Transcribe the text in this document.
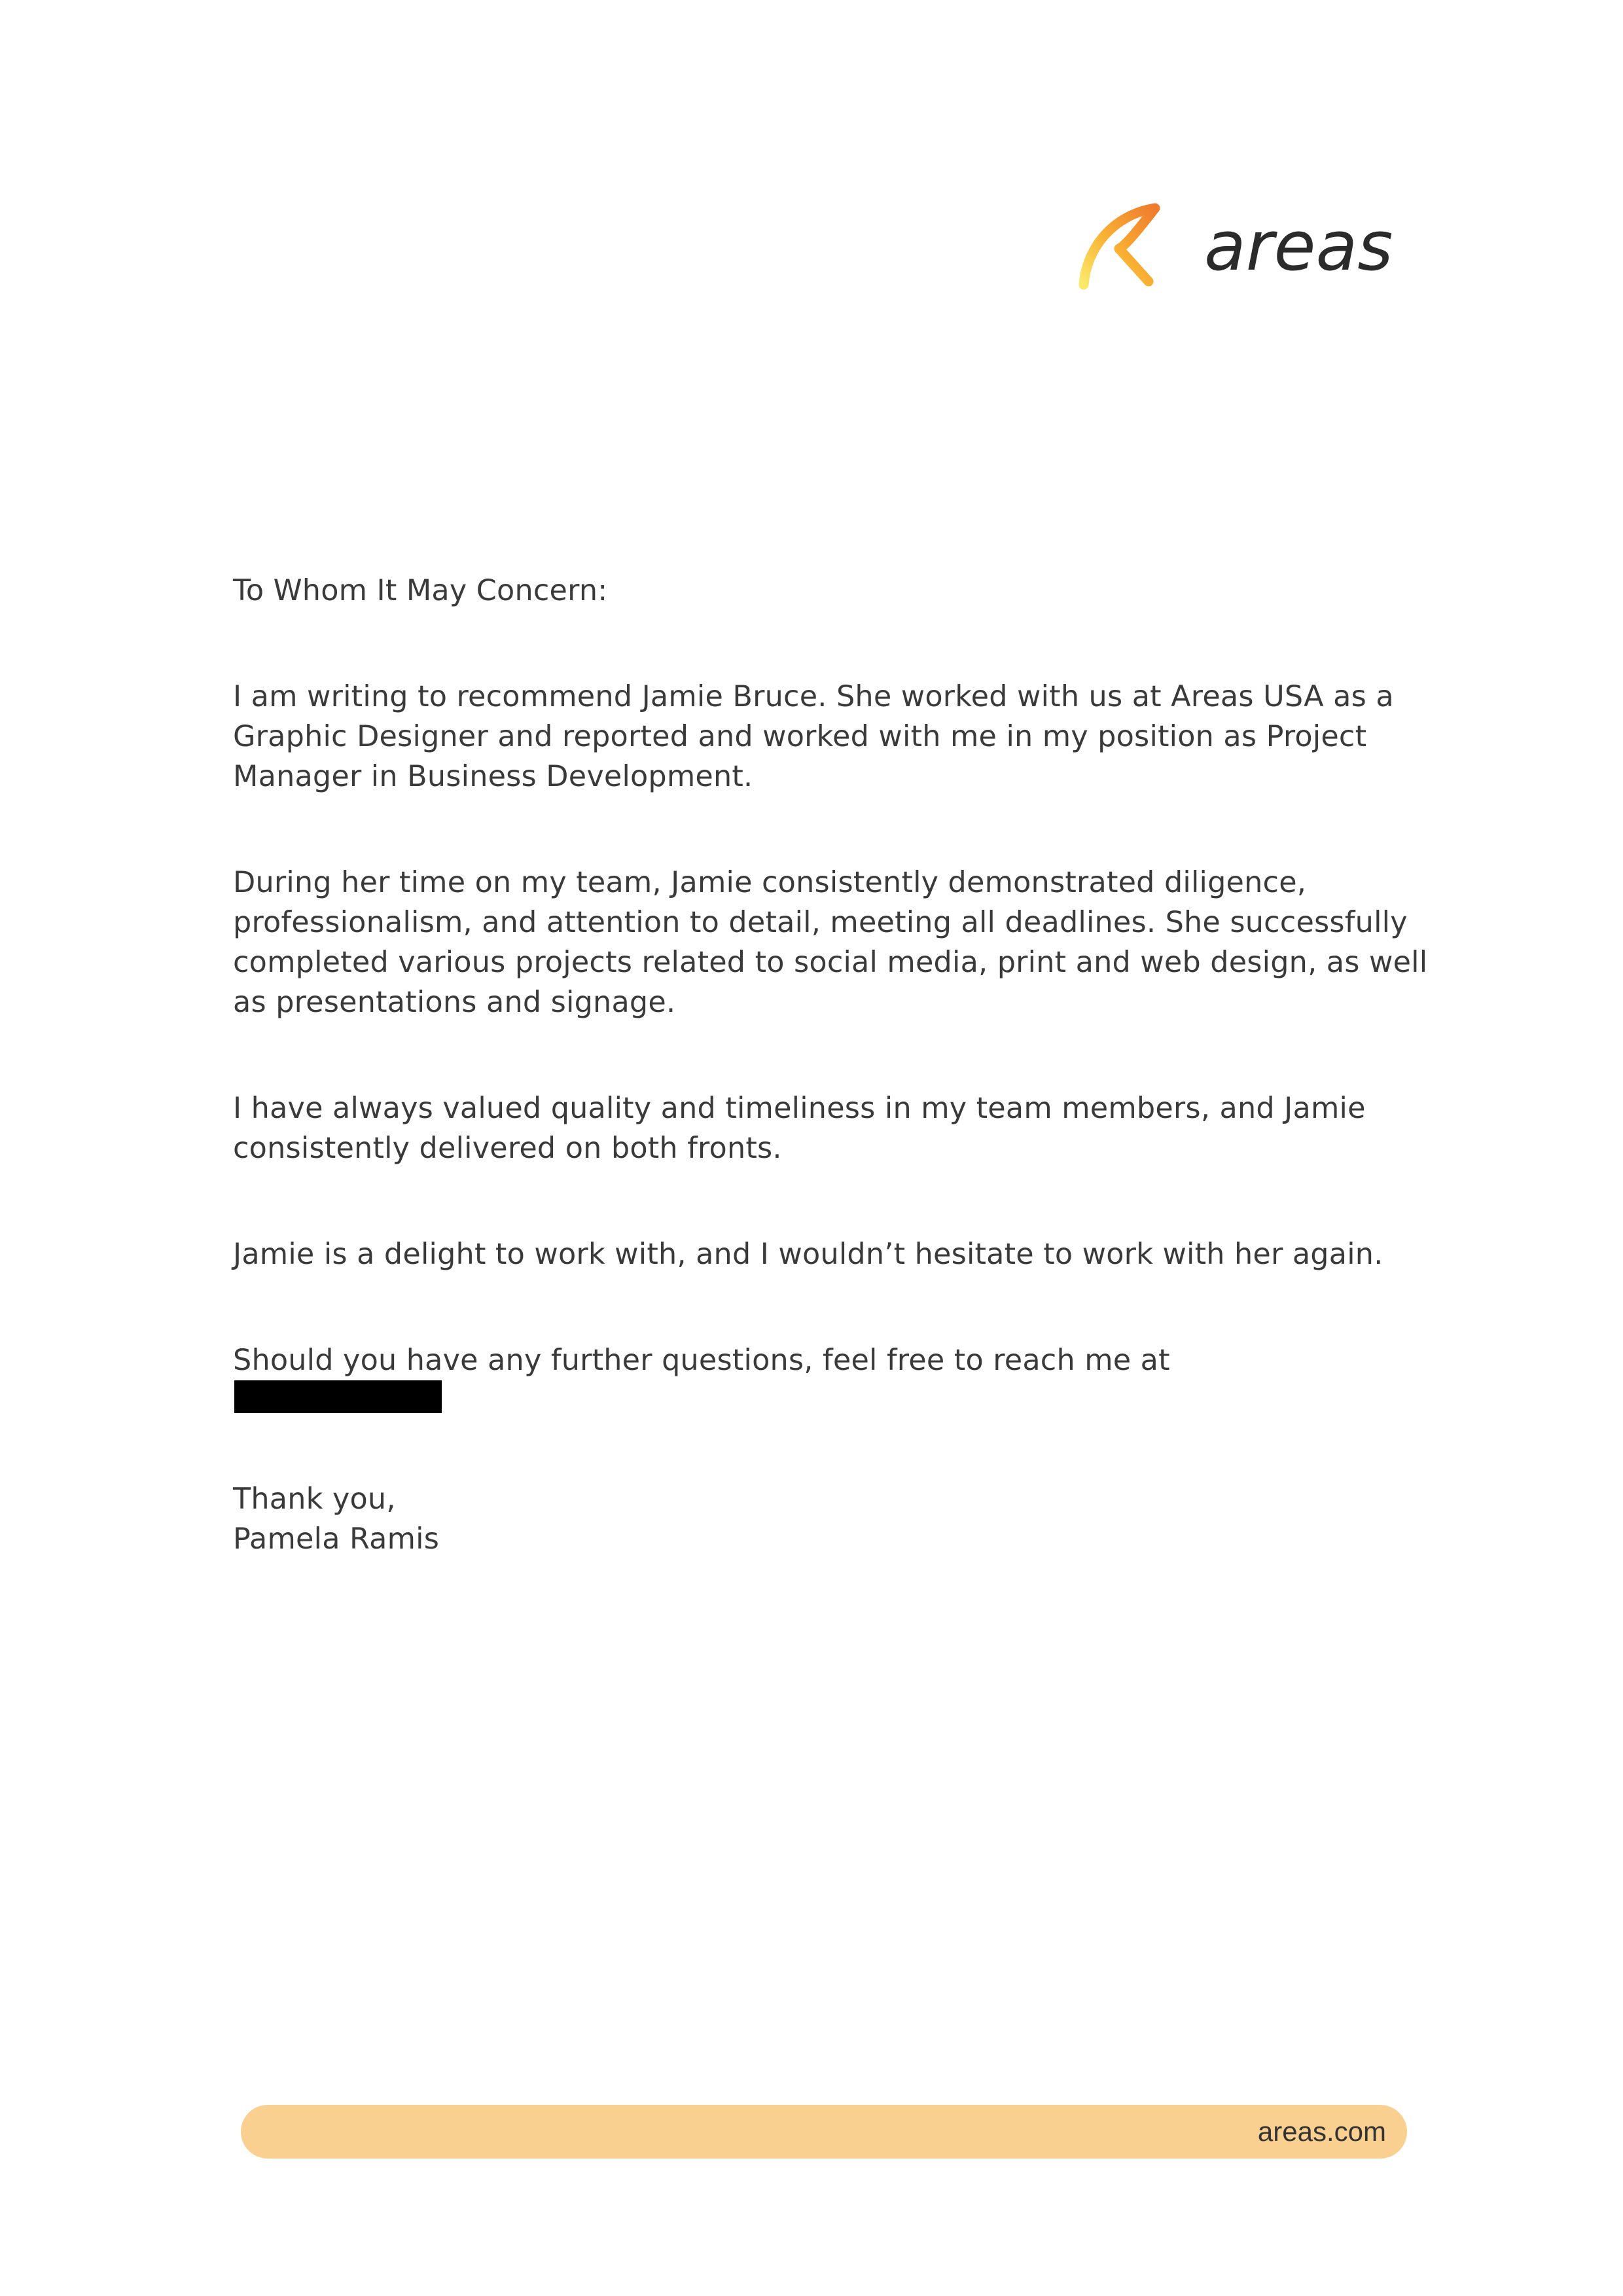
areas

To Whom It May Concern:

I am writing to recommend Jamie Bruce. She worked with us at Areas USA as a
Graphic Designer and reported and worked with me in my position as Project
Manager in Business Development.

During her time on my team, Jamie consistently demonstrated diligence,
professionalism, and attention to detail, meeting all deadlines. She successfully
completed various projects related to social media, print and web design, as well
as presentations and signage.

I have always valued quality and timeliness in my team members, and Jamie
consistently delivered on both fronts.

Jamie is a delight to work with, and I wouldn’t hesitate to work with her again.

Should you have any further questions, feel free to reach me at

Thank you,
Pamela Ramis

areas.com
